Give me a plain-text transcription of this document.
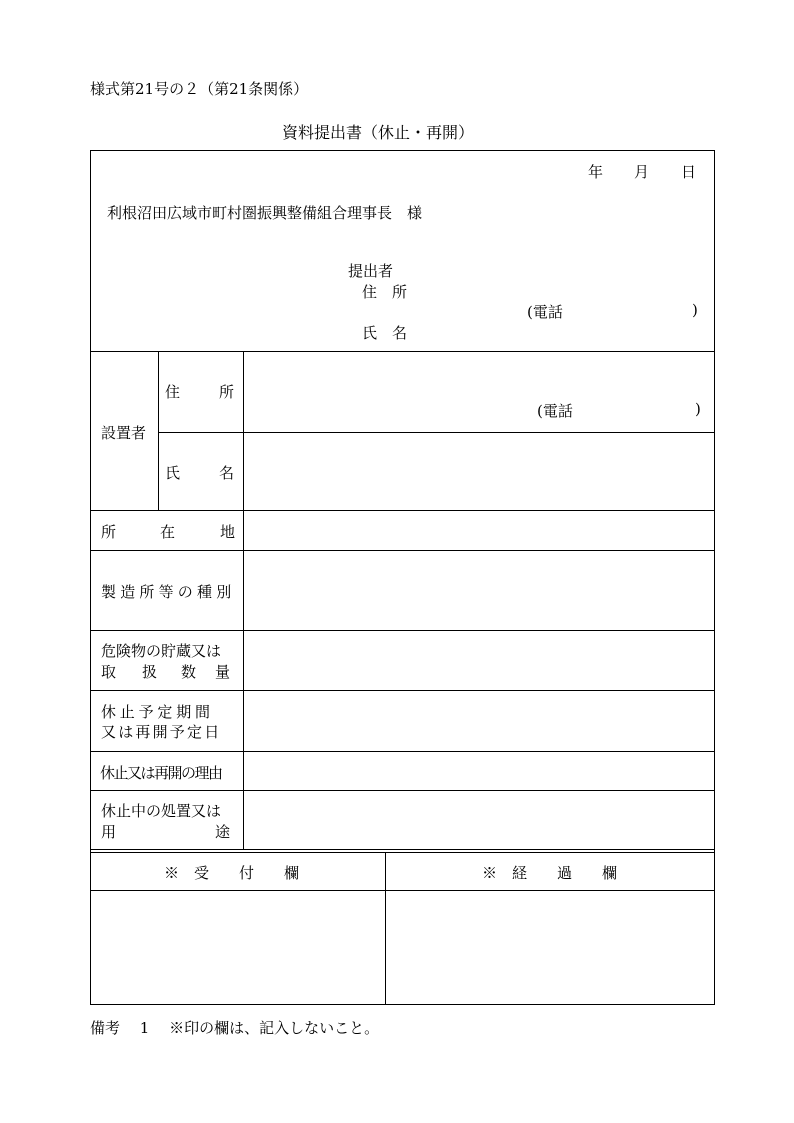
様式第21号の２（第21条関係）
資料提出書（休止・再開）
年 月 日
利根沼田広域市町村圏振興整備組合理事長　様
提出者
住　所
(電話	)
氏　名
設置者
住	所
(電話	)
氏	名
所	在	地
製造所等の種別
危険物の貯蔵又は
取 扱 数 量
休止予定期間
又は再開予定日
休止又は再開の理由
休止中の処置又は
用	途
※　受　　付　　欄	※　経　　過　　欄
備考　 1 　※印の欄は、記入しないこと。
